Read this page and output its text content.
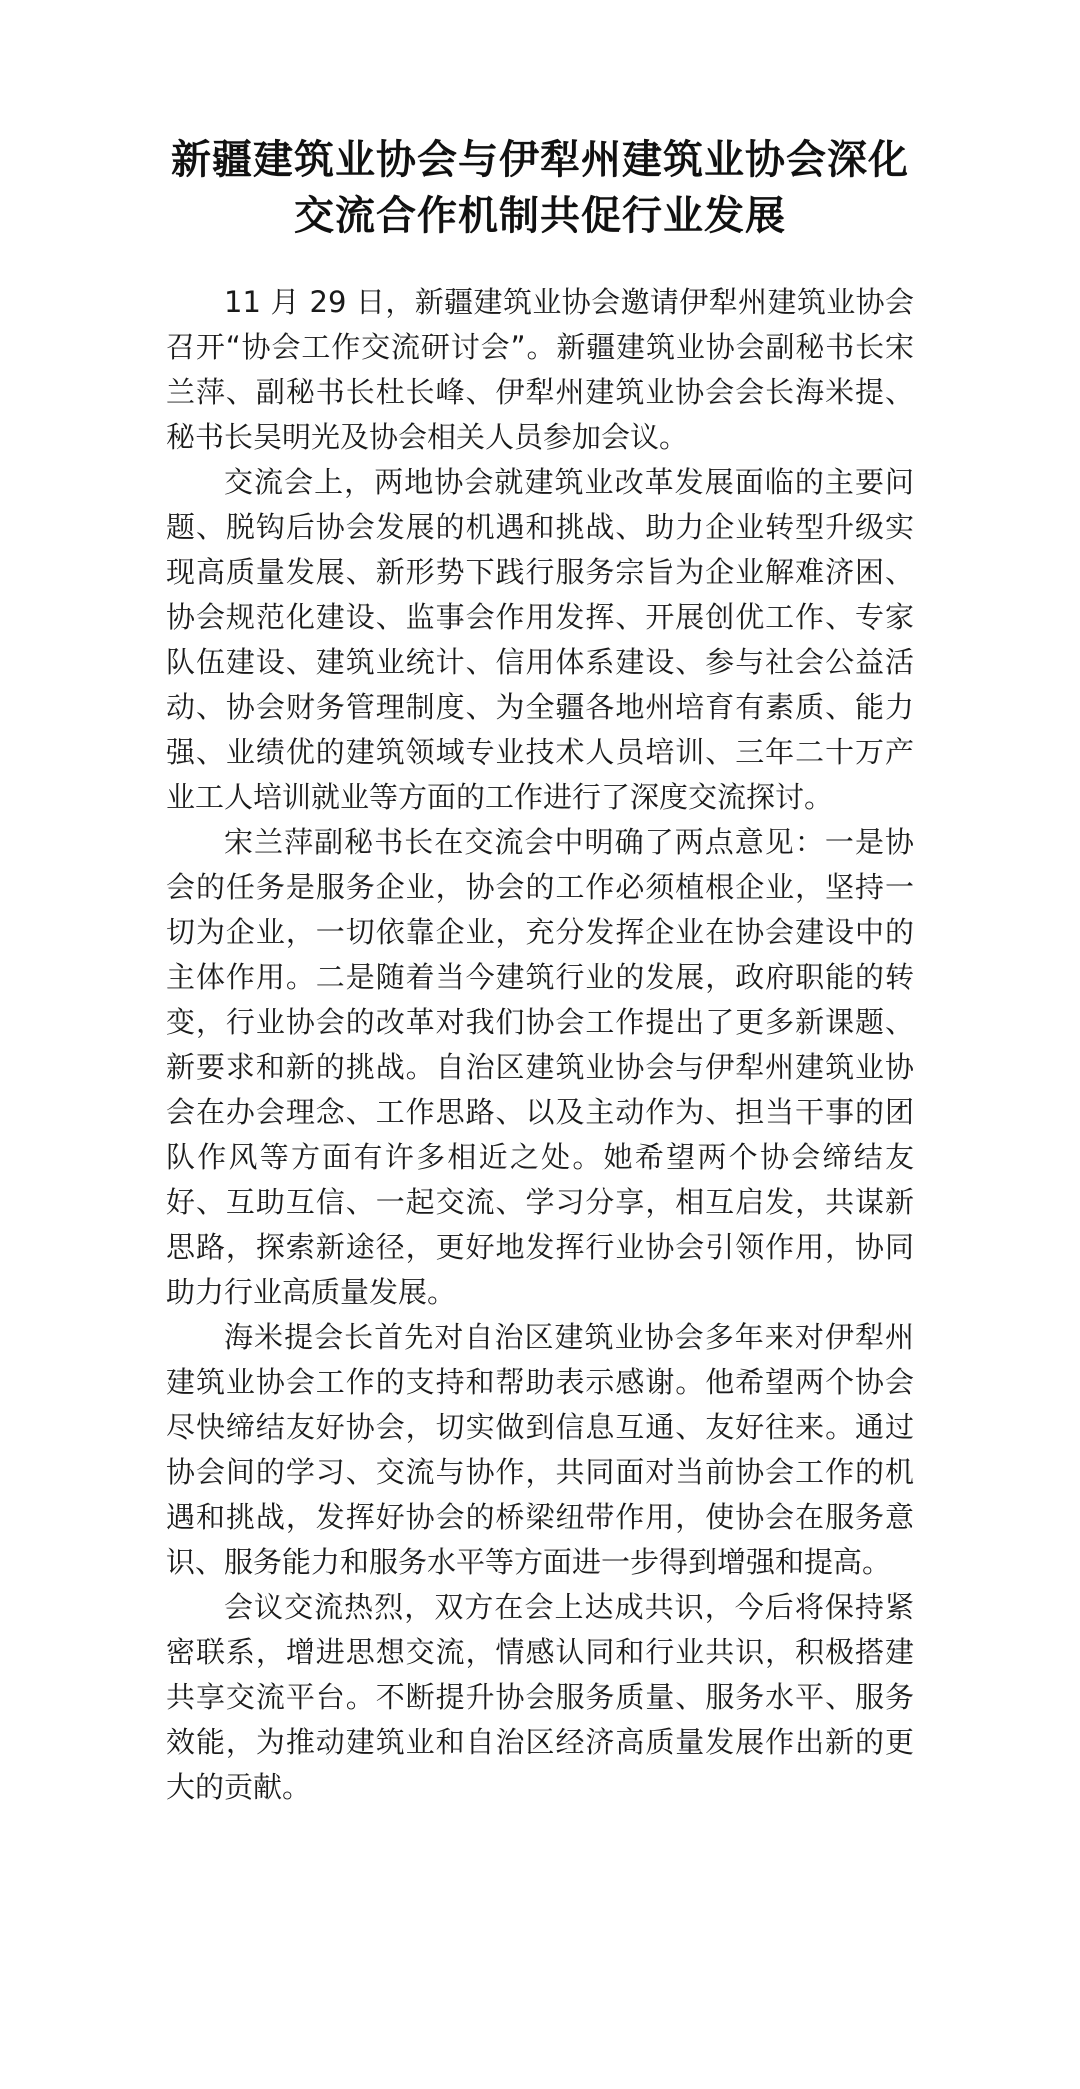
新疆建筑业协会与伊犁州建筑业协会深化
交流合作机制共促行业发展

11 月 29 日，新疆建筑业协会邀请伊犁州建筑业协会召开“协会工作交流研讨会”。新疆建筑业协会副秘书长宋兰萍、副秘书长杜长峰、伊犁州建筑业协会会长海米提、秘书长吴明光及协会相关人员参加会议。

交流会上，两地协会就建筑业改革发展面临的主要问题、脱钩后协会发展的机遇和挑战、助力企业转型升级实现高质量发展、新形势下践行服务宗旨为企业解难济困、协会规范化建设、监事会作用发挥、开展创优工作、专家队伍建设、建筑业统计、信用体系建设、参与社会公益活动、协会财务管理制度、为全疆各地州培育有素质、能力强、业绩优的建筑领域专业技术人员培训、三年二十万产业工人培训就业等方面的工作进行了深度交流探讨。

宋兰萍副秘书长在交流会中明确了两点意见：一是协会的任务是服务企业，协会的工作必须植根企业，坚持一切为企业，一切依靠企业，充分发挥企业在协会建设中的主体作用。二是随着当今建筑行业的发展，政府职能的转变，行业协会的改革对我们协会工作提出了更多新课题、新要求和新的挑战。自治区建筑业协会与伊犁州建筑业协会在办会理念、工作思路、以及主动作为、担当干事的团队作风等方面有许多相近之处。她希望两个协会缔结友好、互助互信、一起交流、学习分享，相互启发，共谋新思路，探索新途径，更好地发挥行业协会引领作用，协同助力行业高质量发展。

海米提会长首先对自治区建筑业协会多年来对伊犁州建筑业协会工作的支持和帮助表示感谢。他希望两个协会尽快缔结友好协会，切实做到信息互通、友好往来。通过协会间的学习、交流与协作，共同面对当前协会工作的机遇和挑战，发挥好协会的桥梁纽带作用，使协会在服务意识、服务能力和服务水平等方面进一步得到增强和提高。

会议交流热烈，双方在会上达成共识，今后将保持紧密联系，增进思想交流，情感认同和行业共识，积极搭建共享交流平台。不断提升协会服务质量、服务水平、服务效能，为推动建筑业和自治区经济高质量发展作出新的更大的贡献。
